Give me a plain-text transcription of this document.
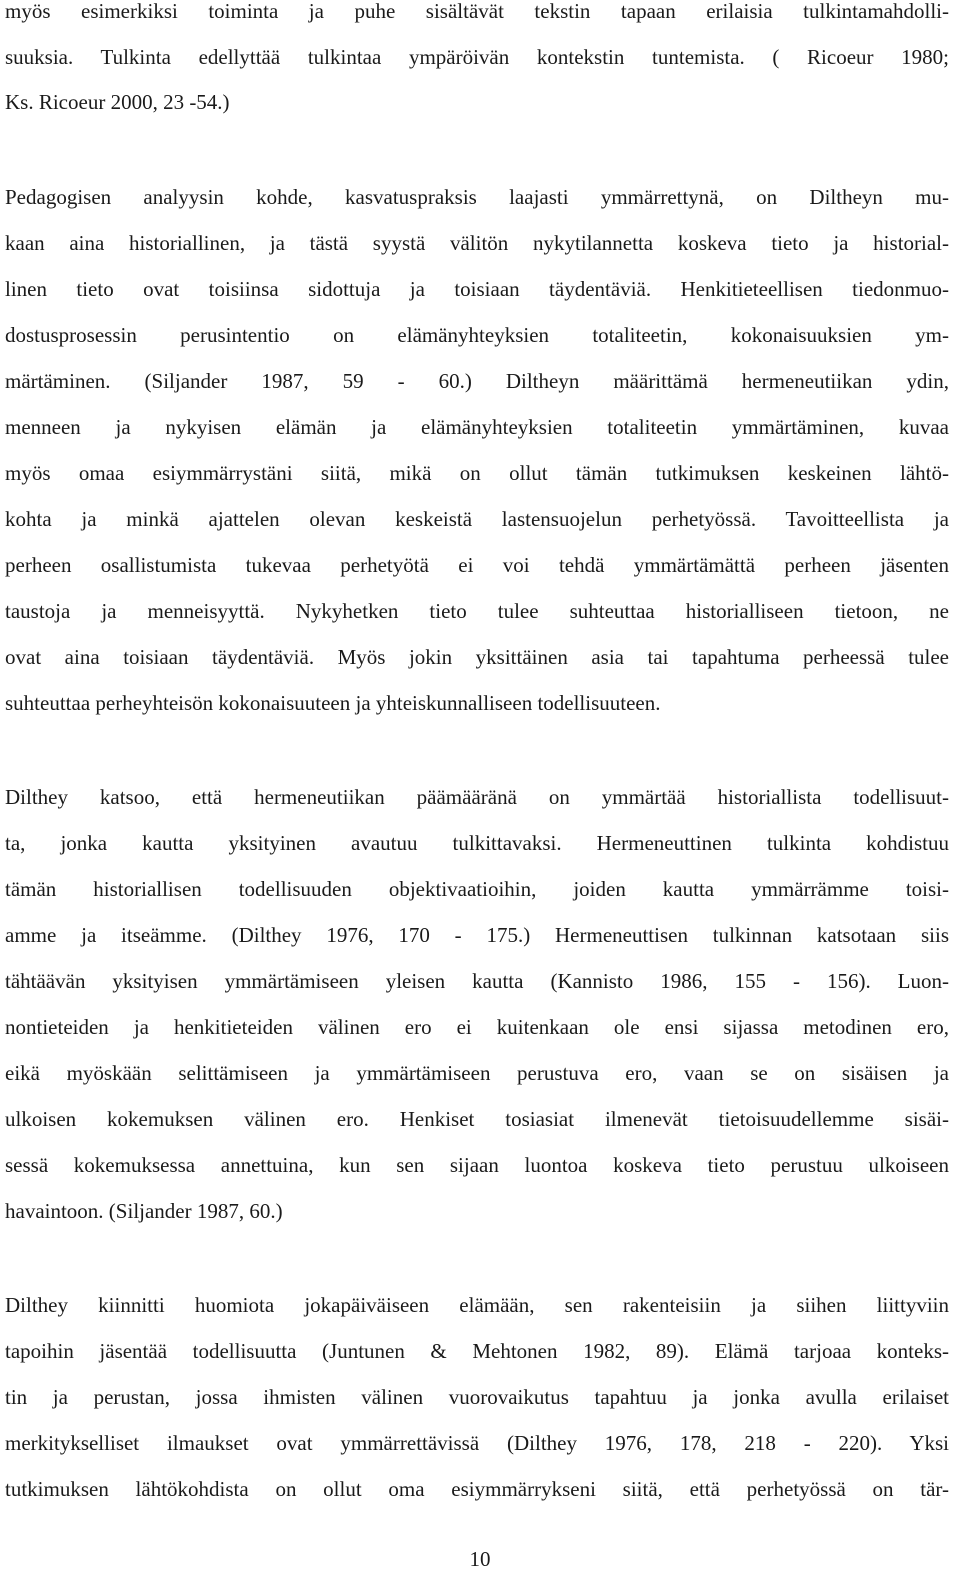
myös esimerkiksi toiminta ja puhe sisältävät tekstin tapaan erilaisia tulkintamahdolli-
suuksia. Tulkinta edellyttää tulkintaa ympäröivän kontekstin tuntemista. ( Ricoeur 1980;
Ks. Ricoeur 2000, 23 -54.)
Pedagogisen analyysin kohde, kasvatuspraksis laajasti ymmärrettynä, on Diltheyn mu-
kaan aina historiallinen, ja tästä syystä välitön nykytilannetta koskeva tieto ja historial-
linen tieto ovat toisiinsa sidottuja ja toisiaan täydentäviä. Henkitieteellisen tiedonmuo-
dostusprosessin perusintentio on elämänyhteyksien totaliteetin, kokonaisuuksien ym-
märtäminen. (Siljander 1987, 59 - 60.) Diltheyn määrittämä hermeneutiikan ydin,
menneen ja nykyisen elämän ja elämänyhteyksien totaliteetin ymmärtäminen, kuvaa
myös omaa esiymmärrystäni siitä, mikä on ollut tämän tutkimuksen keskeinen lähtö-
kohta ja minkä ajattelen olevan keskeistä lastensuojelun perhetyössä. Tavoitteellista ja
perheen osallistumista tukevaa perhetyötä ei voi tehdä ymmärtämättä perheen jäsenten
taustoja ja menneisyyttä. Nykyhetken tieto tulee suhteuttaa historialliseen tietoon, ne
ovat aina toisiaan täydentäviä. Myös jokin yksittäinen asia tai tapahtuma perheessä tulee
suhteuttaa perheyhteisön kokonaisuuteen ja yhteiskunnalliseen todellisuuteen.
Dilthey katsoo, että hermeneutiikan päämääränä on ymmärtää historiallista todellisuut-
ta, jonka kautta yksityinen avautuu tulkittavaksi. Hermeneuttinen tulkinta kohdistuu
tämän historiallisen todellisuuden objektivaatioihin, joiden kautta ymmärrämme toisi-
amme ja itseämme. (Dilthey 1976, 170 - 175.) Hermeneuttisen tulkinnan katsotaan siis
tähtäävän yksityisen ymmärtämiseen yleisen kautta (Kannisto 1986, 155 - 156). Luon-
nontieteiden ja henkitieteiden välinen ero ei kuitenkaan ole ensi sijassa metodinen ero,
eikä myöskään selittämiseen ja ymmärtämiseen perustuva ero, vaan se on sisäisen ja
ulkoisen kokemuksen välinen ero. Henkiset tosiasiat ilmenevät tietoisuudellemme sisäi-
sessä kokemuksessa annettuina, kun sen sijaan luontoa koskeva tieto perustuu ulkoiseen
havaintoon. (Siljander 1987, 60.)
Dilthey kiinnitti huomiota jokapäiväiseen elämään, sen rakenteisiin ja siihen liittyviin
tapoihin jäsentää todellisuutta (Juntunen & Mehtonen 1982, 89). Elämä tarjoaa konteks-
tin ja perustan, jossa ihmisten välinen vuorovaikutus tapahtuu ja jonka avulla erilaiset
merkitykselliset ilmaukset ovat ymmärrettävissä (Dilthey 1976, 178, 218 - 220). Yksi
tutkimuksen lähtökohdista on ollut oma esiymmärrykseni siitä, että perhetyössä on tär-
10
